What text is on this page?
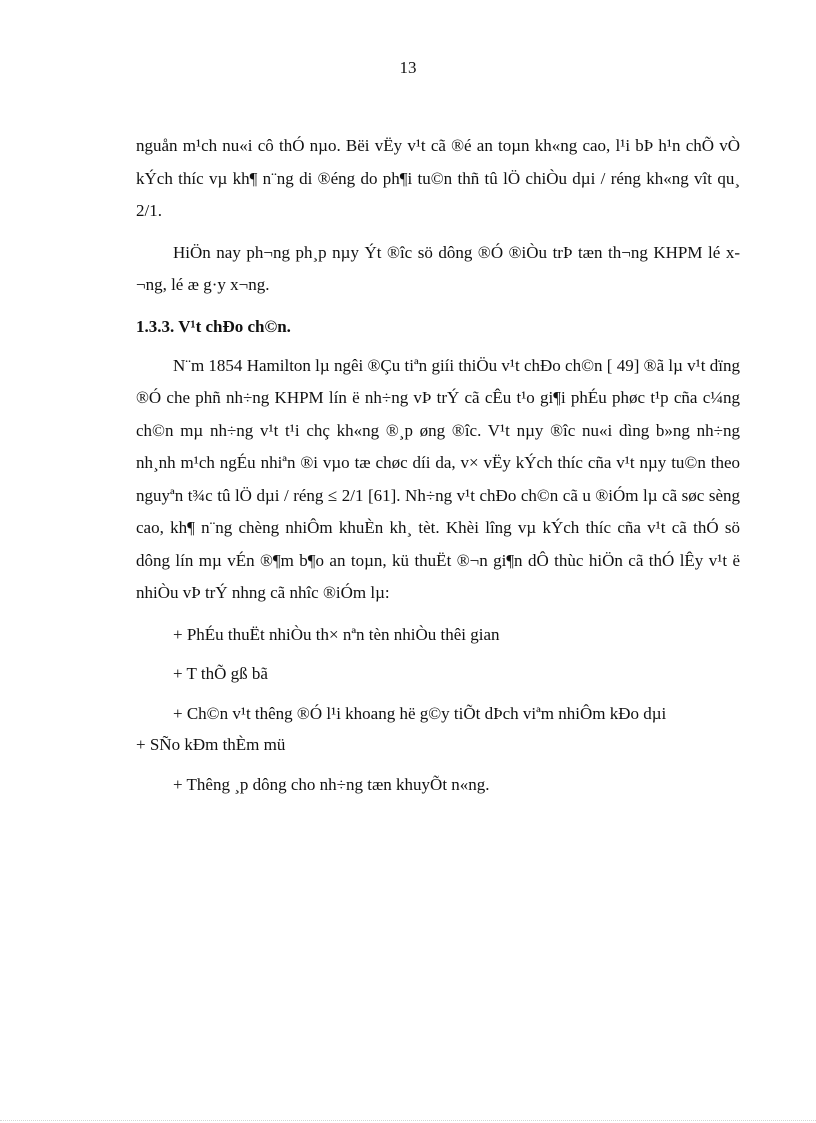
13

nguån m¹ch nu«i cô thÓ nµo. Bëi vËy v¹t cã ®é an toµn kh«ng cao, l¹i bÞ h¹n chÕ vÒ kÝch thíc vµ kh¶ n¨ng di ®éng do ph¶i tu©n thñ tû lÖ chiÒu dµi / réng kh«ng vît qu¸ 2/1.

HiÖn nay ph¬ng ph¸p nµy Ýt ®îc sö dông ®Ó ®iÒu trÞ tæn th¬ng KHPM lé x¬ng, lé æ g·y x¬ng.

1.3.3. V¹t chÐo ch©n.

N¨m 1854 Hamilton lµ ngêi ®Çu tiªn giíi thiÖu v¹t chÐo ch©n [ 49] ®ã lµ v¹t dïng ®Ó che phñ nh÷ng KHPM lín ë nh÷ng vÞ trÝ cã cÊu t¹o gi¶i phÉu phøc t¹p cña c¼ng ch©n mµ nh÷ng v¹t t¹i chç kh«ng ®¸p øng ®îc. V¹t nµy ®îc nu«i dìng b»ng nh÷ng nh¸nh m¹ch ngÉu nhiªn ®i vµo tæ chøc díi da, v× vËy kÝch thíc cña v¹t nµy tu©n theo nguyªn t¾c tû lÖ dµi / réng ≤ 2/1 [61]. Nh÷ng v¹t chÐo ch©n cã u ®iÓm lµ cã søc sèng cao, kh¶ n¨ng chèng nhiÔm khuÈn kh¸ tèt. Khèi lîng vµ kÝch thíc cña v¹t cã thÓ sö dông lín mµ vÉn ®¶m b¶o an toµn, kü thuËt ®¬n gi¶n dÔ thùc hiÖn cã thÓ lÊy v¹t ë nhiÒu vÞ trÝ nhng cã nhîc ®iÓm lµ:

+ PhÉu thuËt nhiÒu th× nªn tèn nhiÒu thêi gian
+ T thÕ gß bã
+ Ch©n v¹t thêng ®Ó l¹i khoang hë g©y tiÕt dÞch viªm nhiÔm kÐo dµi
+ SÑo kÐm thÈm mü
+ Thêng ¸p dông cho nh÷ng tæn khuyÕt n«ng.
